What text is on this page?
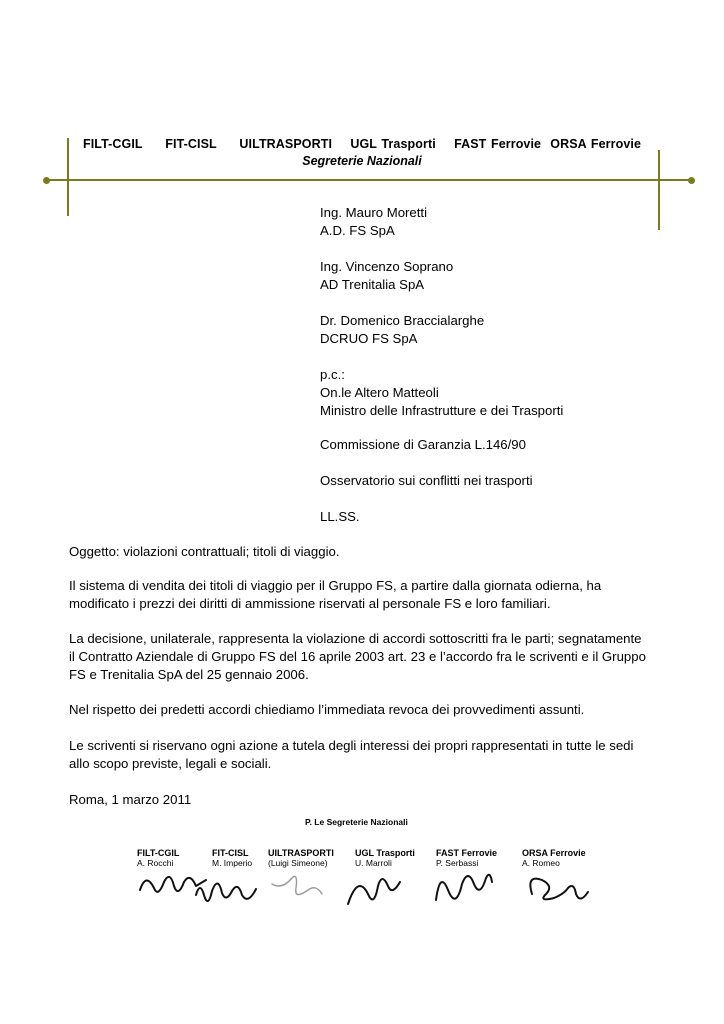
FILT-CGIL     FIT-CISL     UILTRASPORTI    UGL Trasporti    FAST Ferrovie  ORSA Ferrovie
Segreterie Nazionali
Ing. Mauro Moretti
A.D. FS SpA
Ing. Vincenzo Soprano
AD Trenitalia SpA
Dr. Domenico Braccialarghe
DCRUO FS SpA
p.c.:
On.le Altero Matteoli
Ministro delle Infrastrutture e dei Trasporti
Commissione di Garanzia L.146/90
Osservatorio sui conflitti nei trasporti
LL.SS.
Oggetto: violazioni contrattuali; titoli di viaggio.
Il sistema di vendita dei titoli di viaggio per il Gruppo FS, a partire dalla giornata odierna, ha
modificato i prezzi dei diritti di ammissione riservati al personale FS e loro familiari.
La decisione, unilaterale, rappresenta la violazione di accordi sottoscritti fra le parti; segnatamente
il Contratto Aziendale di Gruppo FS del 16 aprile 2003 art. 23 e l’accordo fra le scriventi e il Gruppo
FS e Trenitalia SpA del 25 gennaio 2006.
Nel rispetto dei predetti accordi chiediamo l’immediata revoca dei provvedimenti assunti.
Le scriventi si riservano ogni azione a tutela degli interessi dei propri rappresentati in tutte le sedi
allo scopo previste, legali e sociali.
Roma, 1 marzo 2011
P. Le Segreterie Nazionali
FILT-CGIL
A. Rocchi
FIT-CISL
M. Imperio
UILTRASPORTI
(Luigi Simeone)
UGL Trasporti
U. Marroli
FAST Ferrovie
P. Serbassi
ORSA Ferrovie
A. Romeo
